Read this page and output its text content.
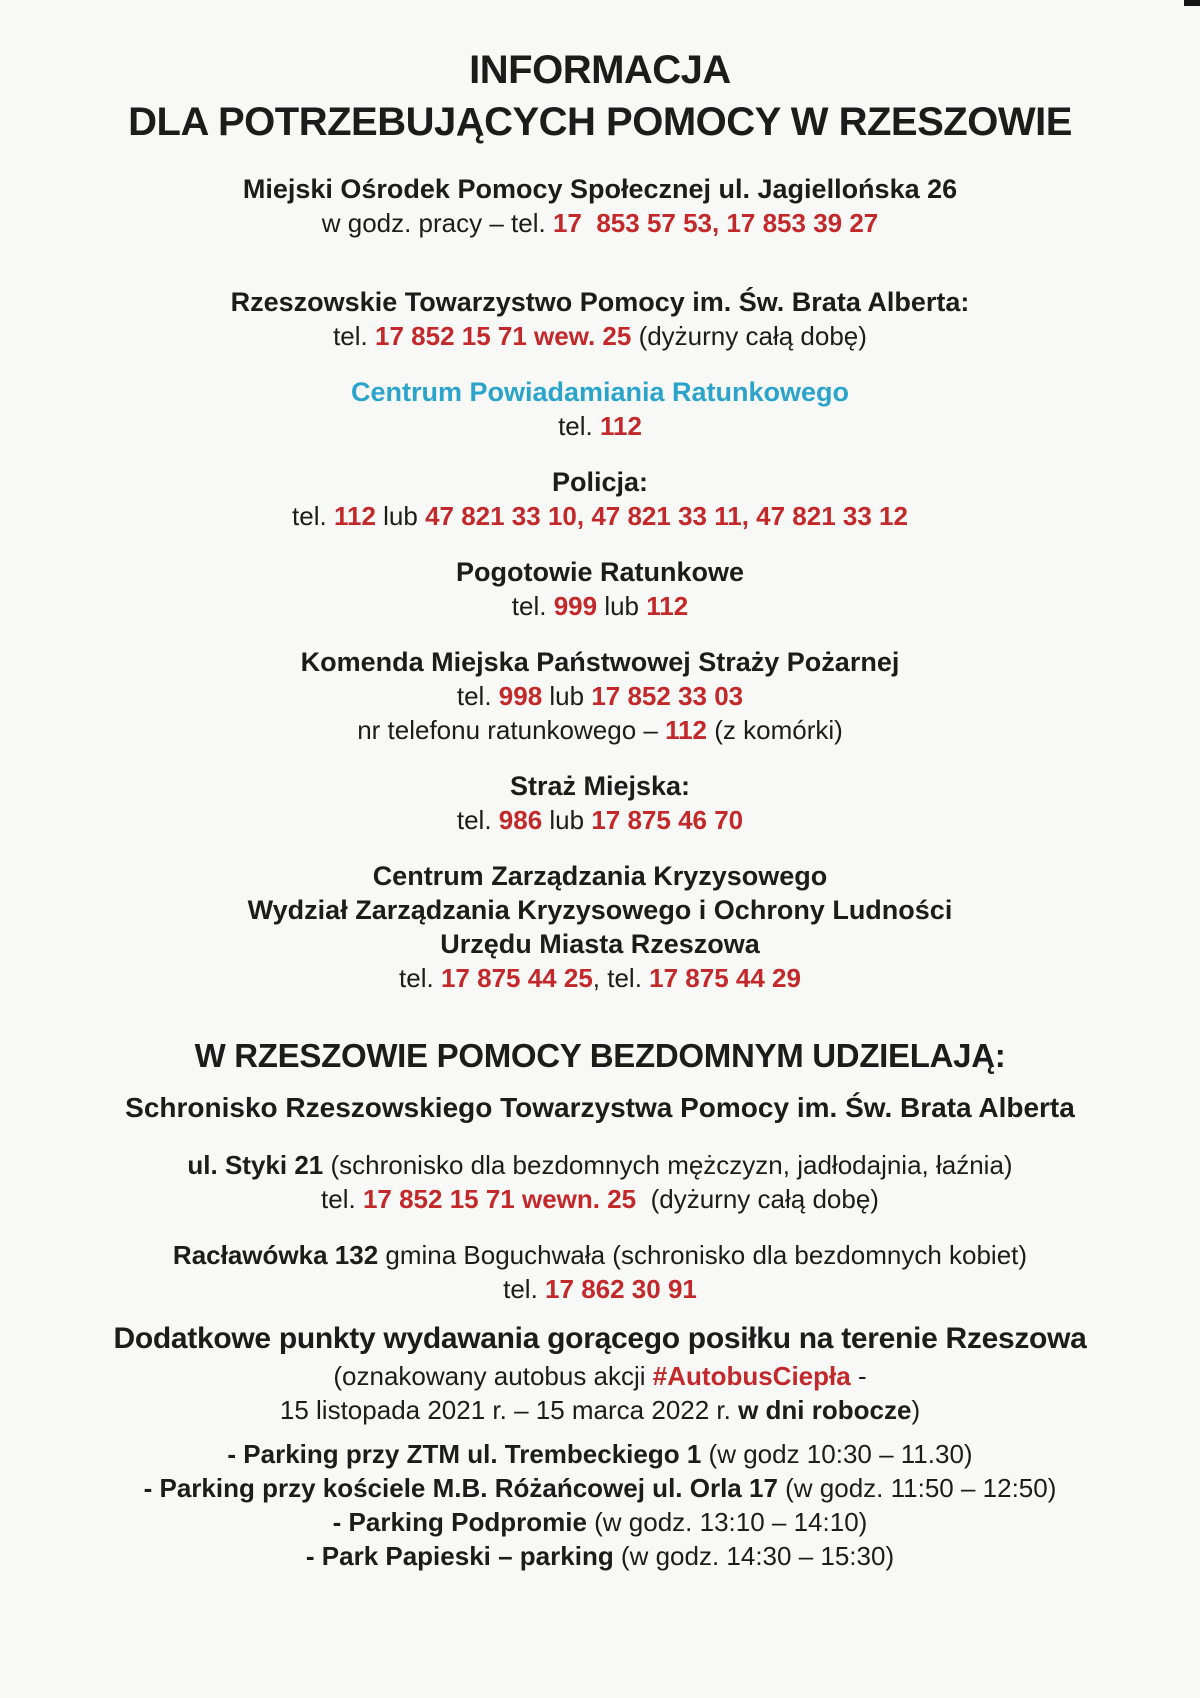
INFORMACJA

DLA POTRZEBUJĄCYCH POMOCY W RZESZOWIE

Miejski Ośrodek Pomocy Społecznej ul. Jagiellońska 26

w godz. pracy – tel. 17  853 57 53, 17 853 39 27

Rzeszowskie Towarzystwo Pomocy im. Św. Brata Alberta:

tel. 17 852 15 71 wew. 25 (dyżurny całą dobę)

Centrum Powiadamiania Ratunkowego

tel. 112

Policja:

tel. 112 lub 47 821 33 10, 47 821 33 11, 47 821 33 12

Pogotowie Ratunkowe

tel. 999 lub 112

Komenda Miejska Państwowej Straży Pożarnej

tel. 998 lub 17 852 33 03

nr telefonu ratunkowego – 112 (z komórki)

Straż Miejska:

tel. 986 lub 17 875 46 70

Centrum Zarządzania Kryzysowego

Wydział Zarządzania Kryzysowego i Ochrony Ludności

Urzędu Miasta Rzeszowa

tel. 17 875 44 25, tel. 17 875 44 29

W RZESZOWIE POMOCY BEZDOMNYM UDZIELAJĄ:

Schronisko Rzeszowskiego Towarzystwa Pomocy im. Św. Brata Alberta

ul. Styki 21 (schronisko dla bezdomnych mężczyzn, jadłodajnia, łaźnia)

tel. 17 852 15 71 wewn. 25  (dyżurny całą dobę)

Racławówka 132 gmina Boguchwała (schronisko dla bezdomnych kobiet)

tel. 17 862 30 91

Dodatkowe punkty wydawania gorącego posiłku na terenie Rzeszowa

(oznakowany autobus akcji #AutobusCiepła -

15 listopada 2021 r. – 15 marca 2022 r. w dni robocze)

- Parking przy ZTM ul. Trembeckiego 1 (w godz 10:30 – 11.30)

- Parking przy kościele M.B. Różańcowej ul. Orla 17 (w godz. 11:50 – 12:50)

- Parking Podpromie (w godz. 13:10 – 14:10)

- Park Papieski – parking (w godz. 14:30 – 15:30)
